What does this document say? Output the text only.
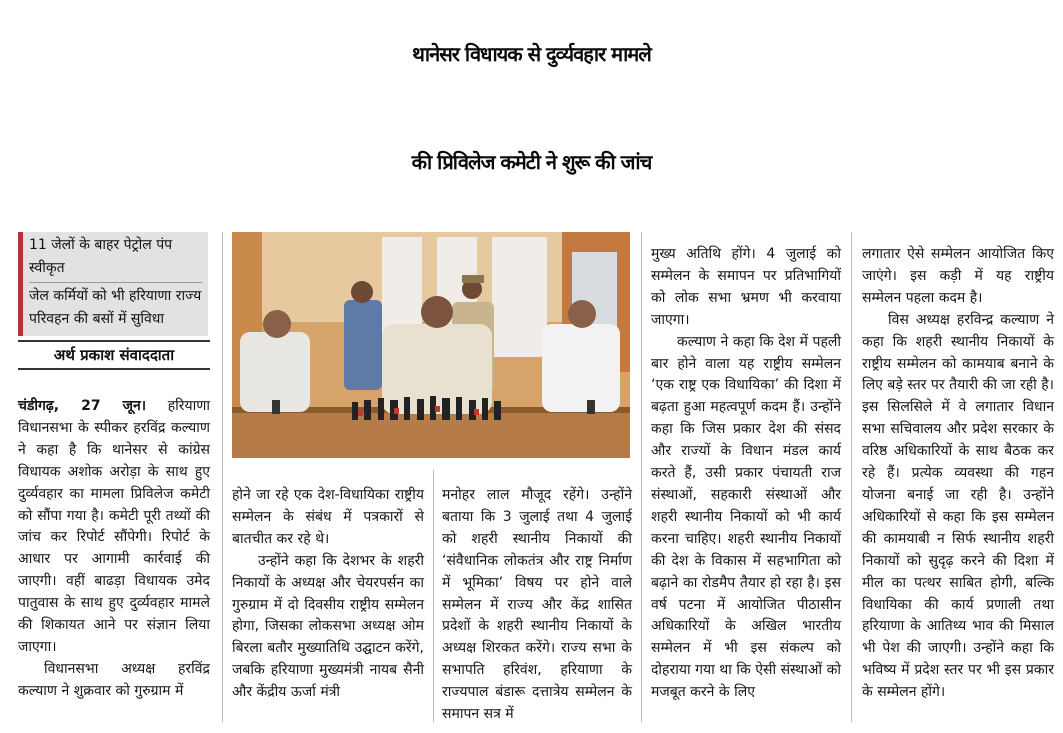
थानेसर विधायक से दुर्व्यवहार मामले
की प्रिविलेज कमेटी ने शुरू की जांच
11 जेलों के बाहर पेट्रोल पंप स्वीकृत
जेल कर्मियों को भी हरियाणा राज्य परिवहन की बसों में सुविधा
अर्थ प्रकाश संवाददाता

चंडीगढ़, 27 जून। हरियाणा विधानसभा के स्पीकर हरविंद्र कल्याण ने कहा है कि थानेसर से कांग्रेस विधायक अशोक अरोड़ा के साथ हुए दुर्व्यवहार का मामला प्रिविलेज कमेटी को सौंपा गया है। कमेटी पूरी तथ्यों की जांच कर रिपोर्ट सौंपेगी। रिपोर्ट के आधार पर आगामी कार्रवाई की जाएगी। वहीं बाढड़ा विधायक उमेद पातुवास के साथ हुए दुर्व्यवहार मामले की शिकायत आने पर संज्ञान लिया जाएगा।

विधानसभा अध्यक्ष हरविंद्र कल्याण ने शुक्रवार को गुरुग्राम में

होने जा रहे एक देश-विधायिका राष्ट्रीय सम्मेलन के संबंध में पत्रकारों से बातचीत कर रहे थे।

उन्होंने कहा कि देशभर के शहरी निकायों के अध्यक्ष और चेयरपर्सन का गुरुग्राम में दो दिवसीय राष्ट्रीय सम्मेलन होगा, जिसका लोकसभा अध्यक्ष ओम बिरला बतौर मुख्यातिथि उद्घाटन करेंगे, जबकि हरियाणा मुख्यमंत्री नायब सैनी और केंद्रीय ऊर्जा मंत्री

मनोहर लाल मौजूद रहेंगे। उन्होंने बताया कि 3 जुलाई तथा 4 जुलाई को शहरी स्थानीय निकायों की ‘संवैधानिक लोकतंत्र और राष्ट्र निर्माण में भूमिका’ विषय पर होने वाले सम्मेलन में राज्य और केंद्र शासित प्रदेशों के शहरी स्थानीय निकायों के अध्यक्ष शिरकत करेंगे। राज्य सभा के सभापति हरिवंश, हरियाणा के राज्यपाल बंडारू दत्तात्रेय सम्मेलन के समापन सत्र में

मुख्य अतिथि होंगे। 4 जुलाई को सम्मेलन के समापन पर प्रतिभागियों को लोक सभा भ्रमण भी करवाया जाएगा।

कल्याण ने कहा कि देश में पहली बार होने वाला यह राष्ट्रीय सम्मेलन ‘एक राष्ट्र एक विधायिका’ की दिशा में बढ़ता हुआ महत्वपूर्ण कदम हैं। उन्होंने कहा कि जिस प्रकार देश की संसद और राज्यों के विधान मंडल कार्य करते हैं, उसी प्रकार पंचायती राज संस्थाओं, सहकारी संस्थाओं और शहरी स्थानीय निकायों को भी कार्य करना चाहिए। शहरी स्थानीय निकायों की देश के विकास में सहभागिता को बढ़ाने का रोडमैप तैयार हो रहा है। इस वर्ष पटना में आयोजित पीठासीन अधिकारियों के अखिल भारतीय सम्मेलन में भी इस संकल्प को दोहराया गया था कि ऐसी संस्थाओं को मजबूत करने के लिए

लगातार ऐसे सम्मेलन आयोजित किए जाएंगे। इस कड़ी में यह राष्ट्रीय सम्मेलन पहला कदम है।

विस अध्यक्ष हरविन्द्र कल्याण ने कहा कि शहरी स्थानीय निकायों के राष्ट्रीय सम्मेलन को कामयाब बनाने के लिए बड़े स्तर पर तैयारी की जा रही है। इस सिलसिले में वे लगातार विधान सभा सचिवालय और प्रदेश सरकार के वरिष्ठ अधिकारियों के साथ बैठक कर रहे हैं। प्रत्येक व्यवस्था की गहन योजना बनाई जा रही है। उन्होंने अधिकारियों से कहा कि इस सम्मेलन की कामयाबी न सिर्फ स्थानीय शहरी निकायों को सुदृढ़ करने की दिशा में मील का पत्थर साबित होगी, बल्कि विधायिका की कार्य प्रणाली तथा हरियाणा के आतिथ्य भाव की मिसाल भी पेश की जाएगी। उन्होंने कहा कि भविष्य में प्रदेश स्तर पर भी इस प्रकार के सम्मेलन होंगे।
